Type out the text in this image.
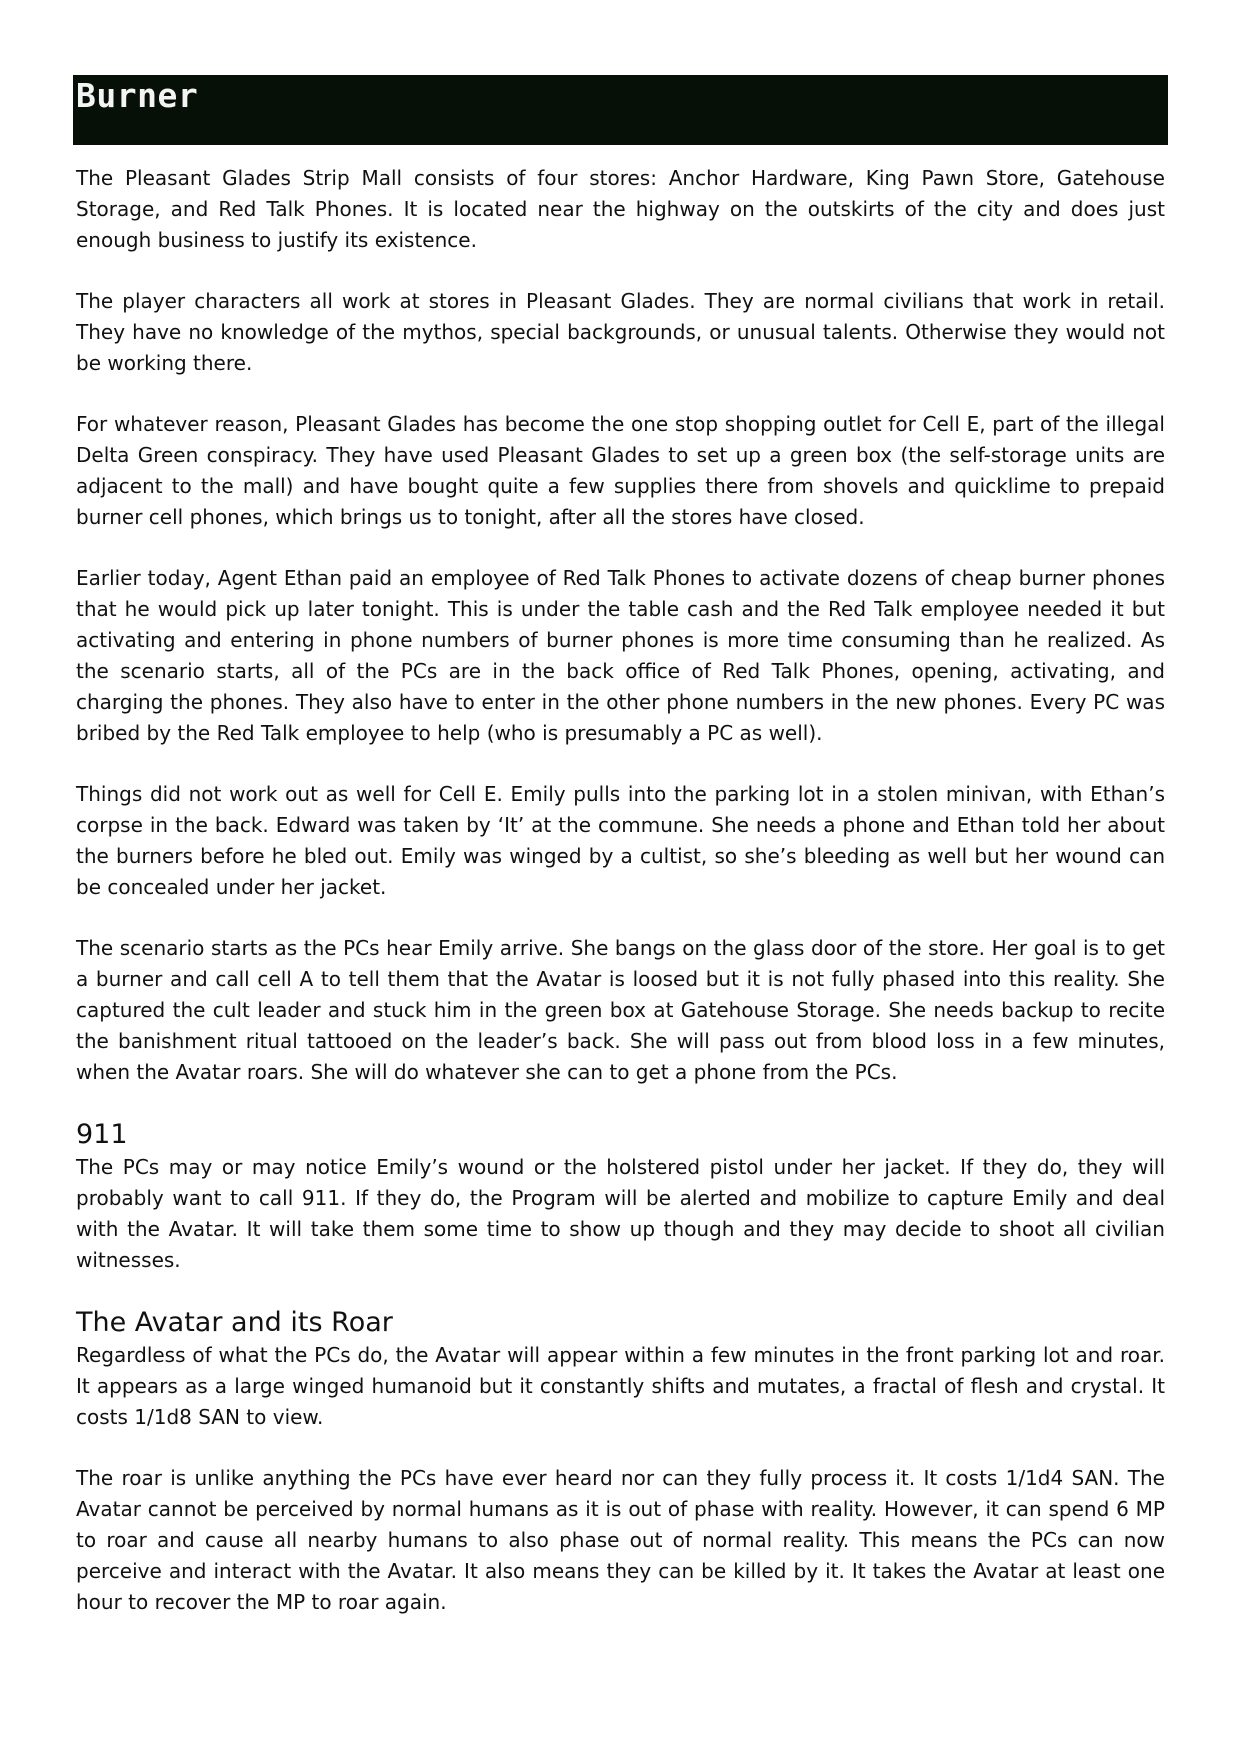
Burner

The Pleasant Glades Strip Mall consists of four stores: Anchor Hardware, King Pawn Store, Gatehouse Storage, and Red Talk Phones. It is located near the highway on the outskirts of the city and does just enough business to justify its existence.

The player characters all work at stores in Pleasant Glades. They are normal civilians that work in retail. They have no knowledge of the mythos, special backgrounds, or unusual talents. Otherwise they would not be working there.

For whatever reason, Pleasant Glades has become the one stop shopping outlet for Cell E, part of the illegal Delta Green conspiracy. They have used Pleasant Glades to set up a green box (the self-storage units are adjacent to the mall) and have bought quite a few supplies there from shovels and quicklime to prepaid burner cell phones, which brings us to tonight, after all the stores have closed.

Earlier today, Agent Ethan paid an employee of Red Talk Phones to activate dozens of cheap burner phones that he would pick up later tonight. This is under the table cash and the Red Talk employee needed it but activating and entering in phone numbers of burner phones is more time consuming than he realized. As the scenario starts, all of the PCs are in the back office of Red Talk Phones, opening, activating, and charging the phones. They also have to enter in the other phone numbers in the new phones. Every PC was bribed by the Red Talk employee to help (who is presumably a PC as well).

Things did not work out as well for Cell E. Emily pulls into the parking lot in a stolen minivan, with Ethan’s corpse in the back. Edward was taken by ‘It’ at the commune. She needs a phone and Ethan told her about the burners before he bled out. Emily was winged by a cultist, so she’s bleeding as well but her wound can be concealed under her jacket.

The scenario starts as the PCs hear Emily arrive. She bangs on the glass door of the store. Her goal is to get a burner and call cell A to tell them that the Avatar is loosed but it is not fully phased into this reality. She captured the cult leader and stuck him in the green box at Gatehouse Storage. She needs backup to recite the banishment ritual tattooed on the leader’s back. She will pass out from blood loss in a few minutes, when the Avatar roars. She will do whatever she can to get a phone from the PCs.

911

The PCs may or may notice Emily’s wound or the holstered pistol under her jacket. If they do, they will probably want to call 911. If they do, the Program will be alerted and mobilize to capture Emily and deal with the Avatar. It will take them some time to show up though and they may decide to shoot all civilian witnesses.

The Avatar and its Roar

Regardless of what the PCs do, the Avatar will appear within a few minutes in the front parking lot and roar. It appears as a large winged humanoid but it constantly shifts and mutates, a fractal of flesh and crystal. It costs 1/1d8 SAN to view.

The roar is unlike anything the PCs have ever heard nor can they fully process it. It costs 1/1d4 SAN. The Avatar cannot be perceived by normal humans as it is out of phase with reality. However, it can spend 6 MP to roar and cause all nearby humans to also phase out of normal reality. This means the PCs can now perceive and interact with the Avatar. It also means they can be killed by it. It takes the Avatar at least one hour to recover the MP to roar again.
